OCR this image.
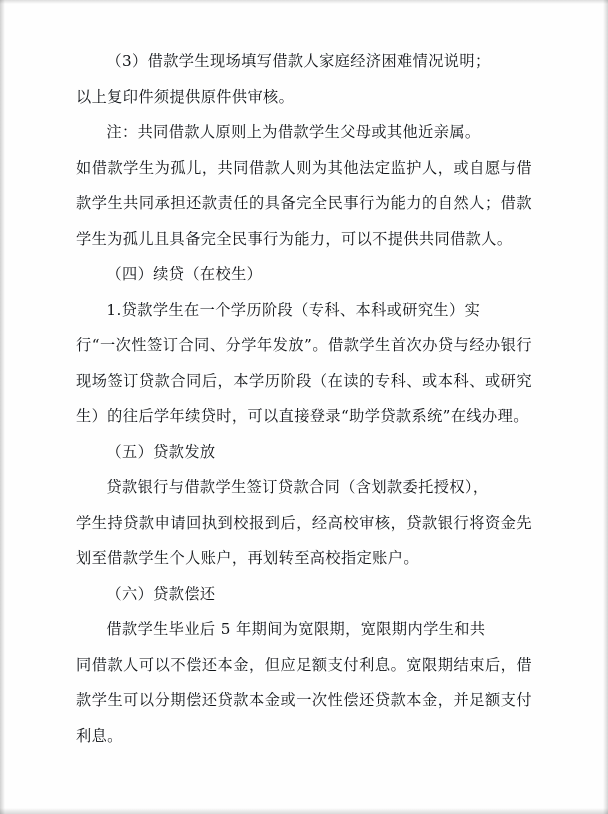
（3）借款学生现场填写借款人家庭经济困难情况说明；

以上复印件须提供原件供审核。

注：共同借款人原则上为借款学生父母或其他近亲属。

如借款学生为孤儿，共同借款人则为其他法定监护人，或自愿与借款学生共同承担还款责任的具备完全民事行为能力的自然人；借款学生为孤儿且具备完全民事行为能力，可以不提供共同借款人。

（四）续贷（在校生）

1.贷款学生在一个学历阶段（专科、本科或研究生）实

行“一次性签订合同、分学年发放”。借款学生首次办贷与经办银行现场签订贷款合同后，本学历阶段（在读的专科、或本科、或研究生）的往后学年续贷时，可以直接登录“助学贷款系统”在线办理。

（五）贷款发放

贷款银行与借款学生签订贷款合同（含划款委托授权），

学生持贷款申请回执到校报到后，经高校审核，贷款银行将资金先划至借款学生个人账户，再划转至高校指定账户。

（六）贷款偿还

借款学生毕业后 5 年期间为宽限期，宽限期内学生和共

同借款人可以不偿还本金，但应足额支付利息。宽限期结束后，借款学生可以分期偿还贷款本金或一次性偿还贷款本金，并足额支付利息。
